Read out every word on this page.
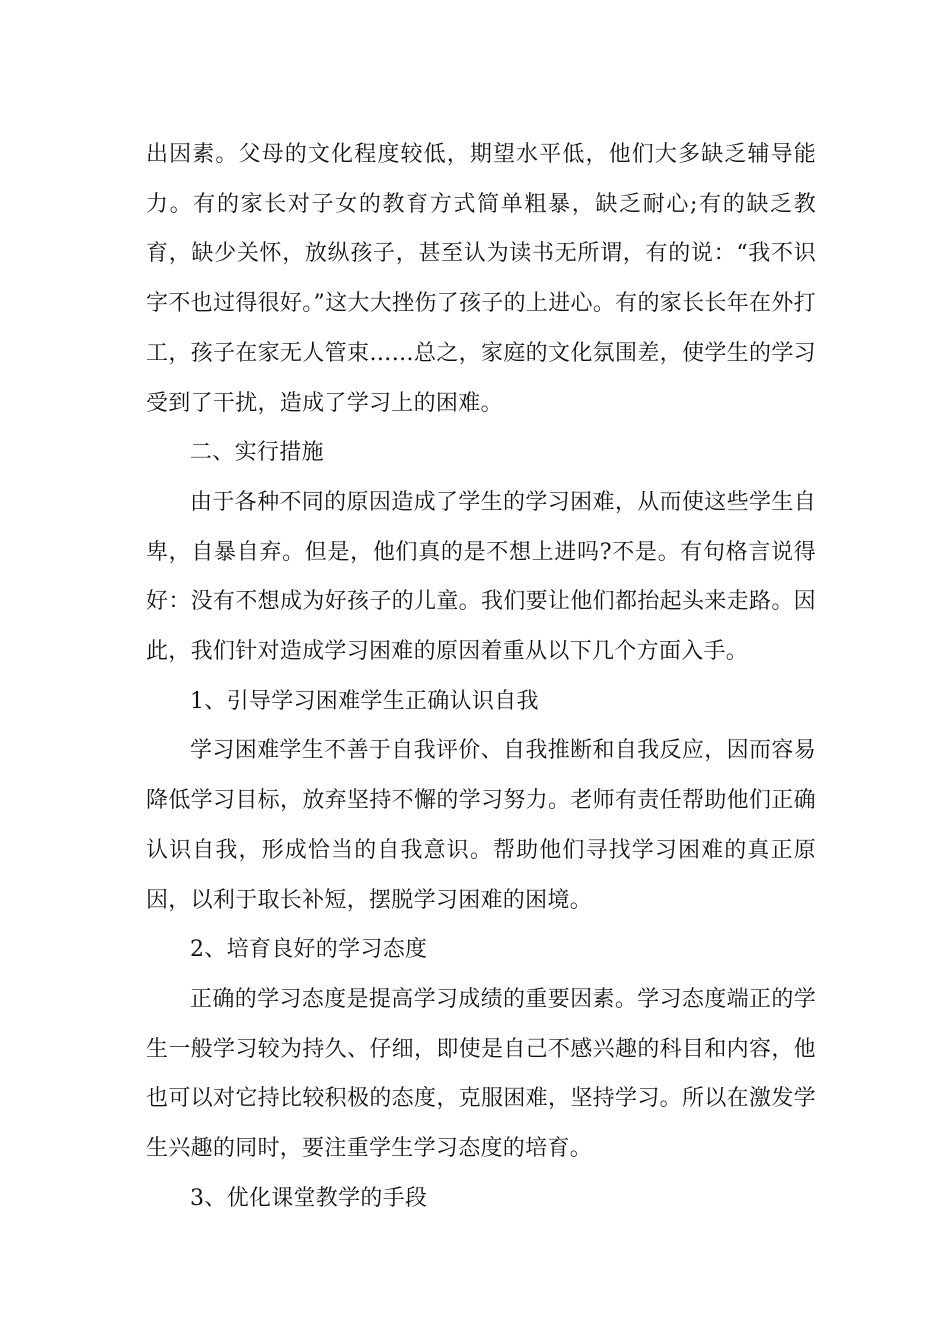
出因素。父母的文化程度较低，期望水平低，他们大多缺乏辅导能力。有的家长对子女的教育方式简单粗暴，缺乏耐心;有的缺乏教育，缺少关怀，放纵孩子，甚至认为读书无所谓，有的说：“我不识字不也过得很好。”这大大挫伤了孩子的上进心。有的家长长年在外打工，孩子在家无人管束……总之，家庭的文化氛围差，使学生的学习受到了干扰，造成了学习上的困难。

二、实行措施

由于各种不同的原因造成了学生的学习困难，从而使这些学生自卑，自暴自弃。但是，他们真的是不想上进吗?不是。有句格言说得好：没有不想成为好孩子的儿童。我们要让他们都抬起头来走路。因此，我们针对造成学习困难的原因着重从以下几个方面入手。

1、引导学习困难学生正确认识自我

学习困难学生不善于自我评价、自我推断和自我反应，因而容易降低学习目标，放弃坚持不懈的学习努力。老师有责任帮助他们正确认识自我，形成恰当的自我意识。帮助他们寻找学习困难的真正原因，以利于取长补短，摆脱学习困难的困境。

2、培育良好的学习态度

正确的学习态度是提高学习成绩的重要因素。学习态度端正的学生一般学习较为持久、仔细，即使是自己不感兴趣的科目和内容，他也可以对它持比较积极的态度，克服困难，坚持学习。所以在激发学生兴趣的同时，要注重学生学习态度的培育。

3、优化课堂教学的手段
